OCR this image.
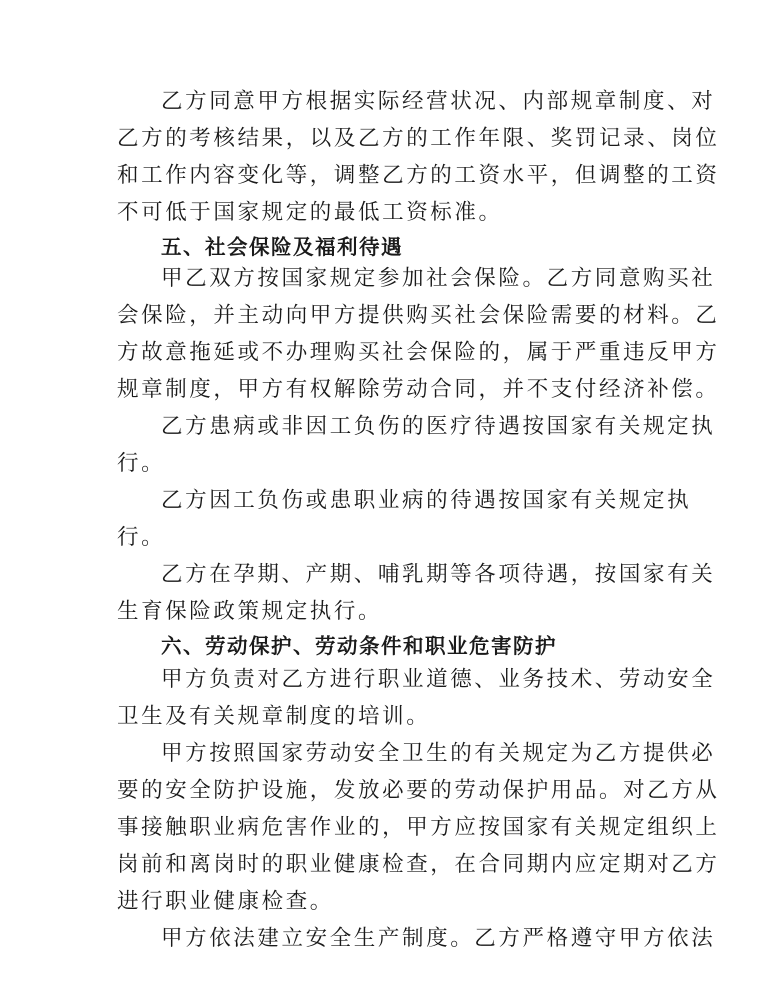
乙方同意甲方根据实际经营状况、内部规章制度、对
乙方的考核结果，以及乙方的工作年限、奖罚记录、岗位
和工作内容变化等，调整乙方的工资水平，但调整的工资
不可低于国家规定的最低工资标准。
五、社会保险及福利待遇
甲乙双方按国家规定参加社会保险。乙方同意购买社
会保险，并主动向甲方提供购买社会保险需要的材料。乙
方故意拖延或不办理购买社会保险的，属于严重违反甲方
规章制度，甲方有权解除劳动合同，并不支付经济补偿。
乙方患病或非因工负伤的医疗待遇按国家有关规定执
行。
乙方因工负伤或患职业病的待遇按国家有关规定执
行。
乙方在孕期、产期、哺乳期等各项待遇，按国家有关
生育保险政策规定执行。
六、劳动保护、劳动条件和职业危害防护
甲方负责对乙方进行职业道德、业务技术、劳动安全
卫生及有关规章制度的培训。
甲方按照国家劳动安全卫生的有关规定为乙方提供必
要的安全防护设施，发放必要的劳动保护用品。对乙方从
事接触职业病危害作业的，甲方应按国家有关规定组织上
岗前和离岗时的职业健康检查，在合同期内应定期对乙方
进行职业健康检查。
甲方依法建立安全生产制度。乙方严格遵守甲方依法
